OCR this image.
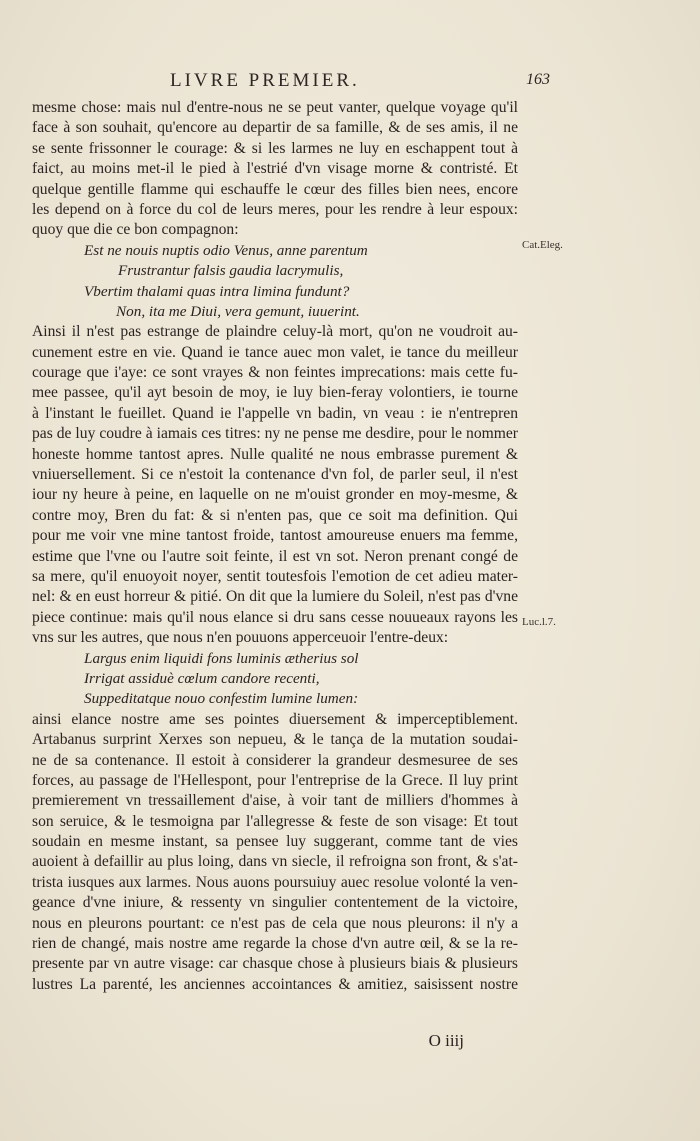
LIVRE PREMIER.	163
mesme chose: mais nul d'entre-nous ne se peut vanter, quelque voyage qu'il
face à son souhait, qu'encore au departir de sa famille, & de ses amis, il ne
se sente frissonner le courage: & si les larmes ne luy en eschappent tout à
faict, au moins met-il le pied à l'estrié d'vn visage morne & contristé. Et
quelque gentille flamme qui eschauffe le cœur des filles bien nees, encore
les depend on à force du col de leurs meres, pour les rendre à leur espoux:
quoy que die ce bon compagnon:
Est ne nouis nuptis odio Venus, anne parentum
Frustrantur falsis gaudia lacrymulis,
Vbertim thalami quas intra limina fundunt?
Non, ita me Diui, vera gemunt, iuuerint.
Ainsi il n'est pas estrange de plaindre celuy-là mort, qu'on ne voudroit au-
cunement estre en vie. Quand ie tance auec mon valet, ie tance du meilleur
courage que i'aye: ce sont vrayes & non feintes imprecations: mais cette fu-
mee passee, qu'il ayt besoin de moy, ie luy bien-feray volontiers, ie tourne
à l'instant le fueillet. Quand ie l'appelle vn badin, vn veau : ie n'entrepren
pas de luy coudre à iamais ces titres: ny ne pense me desdire, pour le nommer
honeste homme tantost apres. Nulle qualité ne nous embrasse purement &
vniuersellement. Si ce n'estoit la contenance d'vn fol, de parler seul, il n'est
iour ny heure à peine, en laquelle on ne m'ouist gronder en moy-mesme, &
contre moy, Bren du fat: & si n'enten pas, que ce soit ma definition. Qui
pour me voir vne mine tantost froide, tantost amoureuse enuers ma femme,
estime que l'vne ou l'autre soit feinte, il est vn sot. Neron prenant congé de
sa mere, qu'il enuoyoit noyer, sentit toutesfois l'emotion de cet adieu mater-
nel: & en eust horreur & pitié. On dit que la lumiere du Soleil, n'est pas d'vne
piece continue: mais qu'il nous elance si dru sans cesse nouueaux rayons les
vns sur les autres, que nous n'en pouuons apperceuoir l'entre-deux:
Largus enim liquidi fons luminis ætherius sol
Irrigat assiduè cœlum candore recenti,
Suppeditatque nouo confestim lumine lumen:
ainsi elance nostre ame ses pointes diuersement & imperceptiblement.
Artabanus surprint Xerxes son nepueu, & le tança de la mutation soudai-
ne de sa contenance. Il estoit à considerer la grandeur desmesuree de ses
forces, au passage de l'Hellespont, pour l'entreprise de la Grece. Il luy print
premierement vn tressaillement d'aise, à voir tant de milliers d'hommes à
son seruice, & le tesmoigna par l'allegresse & feste de son visage: Et tout
soudain en mesme instant, sa pensee luy suggerant, comme tant de vies
auoient à defaillir au plus loing, dans vn siecle, il refroigna son front, & s'at-
trista iusques aux larmes. Nous auons poursuiuy auec resolue volonté la ven-
geance d'vne iniure, & ressenty vn singulier contentement de la victoire,
nous en pleurons pourtant: ce n'est pas de cela que nous pleurons: il n'y a
rien de changé, mais nostre ame regarde la chose d'vn autre œil, & se la re-
presente par vn autre visage: car chasque chose à plusieurs biais & plusieurs
lustres La parenté, les anciennes accointances & amitiez, saisissent nostre
Cat.Eleg.
Luc.l.7.
O iiij
